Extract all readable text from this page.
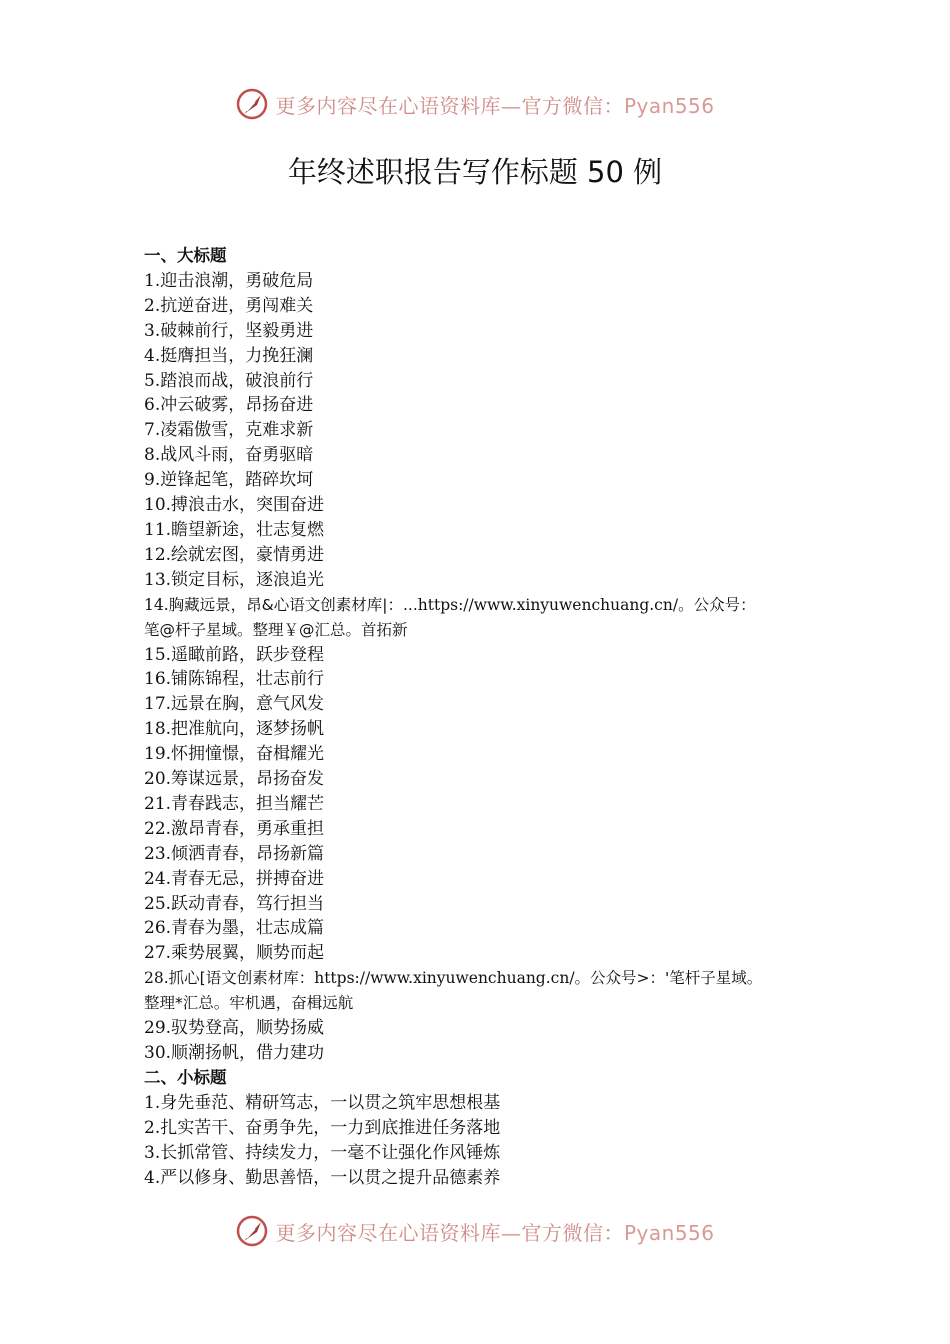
更多内容尽在心语资料库—官方微信：Pyan556
年终述职报告写作标题 50 例
一、大标题
1.迎击浪潮，勇破危局
2.抗逆奋进，勇闯难关
3.破棘前行，坚毅勇进
4.挺膺担当，力挽狂澜
5.踏浪而战，破浪前行
6.冲云破雾，昂扬奋进
7.凌霜傲雪，克难求新
8.战风斗雨，奋勇驱暗
9.逆锋起笔，踏碎坎坷
10.搏浪击水，突围奋进
11.瞻望新途，壮志复燃
12.绘就宏图，豪情勇进
13.锁定目标，逐浪追光
14.胸藏远景，昂&心语文创素材库|：...https://www.xinyuwenchuang.cn/。公众号：
笔@杆子星域。整理￥@汇总。首拓新
15.遥瞰前路，跃步登程
16.铺陈锦程，壮志前行
17.远景在胸，意气风发
18.把准航向，逐梦扬帆
19.怀拥憧憬，奋楫耀光
20.筹谋远景，昂扬奋发
21.青春践志，担当耀芒
22.激昂青春，勇承重担
23.倾洒青春，昂扬新篇
24.青春无忌，拼搏奋进
25.跃动青春，笃行担当
26.青春为墨，壮志成篇
27.乘势展翼，顺势而起
28.抓心[语文创素材库：https://www.xinyuwenchuang.cn/。公众号>：'笔杆子星域。
整理*汇总。牢机遇，奋楫远航
29.驭势登高，顺势扬威
30.顺潮扬帆，借力建功
二、小标题
1.身先垂范、精研笃志，一以贯之筑牢思想根基
2.扎实苦干、奋勇争先，一力到底推进任务落地
3.长抓常管、持续发力，一毫不让强化作风锤炼
4.严以修身、勤思善悟，一以贯之提升品德素养
更多内容尽在心语资料库—官方微信：Pyan556
